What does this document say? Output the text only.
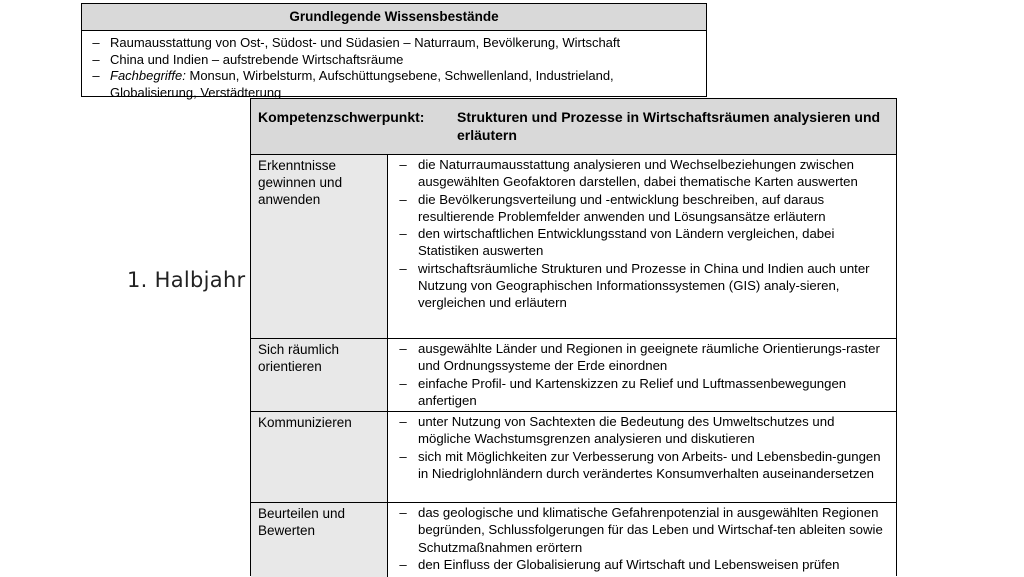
Grundlegende Wissensbestände
– Raumausstattung von Ost-, Südost- und Südasien – Naturraum, Bevölkerung, Wirtschaft
– China und Indien – aufstrebende Wirtschaftsräume
– Fachbegriffe: Monsun, Wirbelsturm, Aufschüttungsebene, Schwellenland, Industrieland, Globalisierung, Verstädterung
1. Halbjahr
Kompetenzschwerpunkt:	Strukturen und Prozesse in Wirtschaftsräumen analysieren und erläutern
Erkenntnisse gewinnen und anwenden
– die Naturraumausstattung analysieren und Wechselbeziehungen zwischen ausgewählten Geofaktoren darstellen, dabei thematische Karten auswerten
– die Bevölkerungsverteilung und -entwicklung beschreiben, auf daraus resultierende Problemfelder anwenden und Lösungsansätze erläutern
– den wirtschaftlichen Entwicklungsstand von Ländern vergleichen, dabei Statistiken auswerten
– wirtschaftsräumliche Strukturen und Prozesse in China und Indien auch unter Nutzung von Geographischen Informationssystemen (GIS) analy-sieren, vergleichen und erläutern
Sich räumlich orientieren
– ausgewählte Länder und Regionen in geeignete räumliche Orientierungs-raster und Ordnungssysteme der Erde einordnen
– einfache Profil- und Kartenskizzen zu Relief und Luftmassenbewegungen anfertigen
Kommunizieren	– unter Nutzung von Sachtexten die Bedeutung des Umweltschutzes und mögliche Wachstumsgrenzen analysieren und diskutieren
– sich mit Möglichkeiten zur Verbesserung von Arbeits- und Lebensbedin-gungen in Niedriglohnländern durch verändertes Konsumverhalten auseinandersetzen
Beurteilen und Bewerten
– das geologische und klimatische Gefahrenpotenzial in ausgewählten Regionen begründen, Schlussfolgerungen für das Leben und Wirtschaf-ten ableiten sowie Schutzmaßnahmen erörtern
– den Einfluss der Globalisierung auf Wirtschaft und Lebensweisen prüfen
